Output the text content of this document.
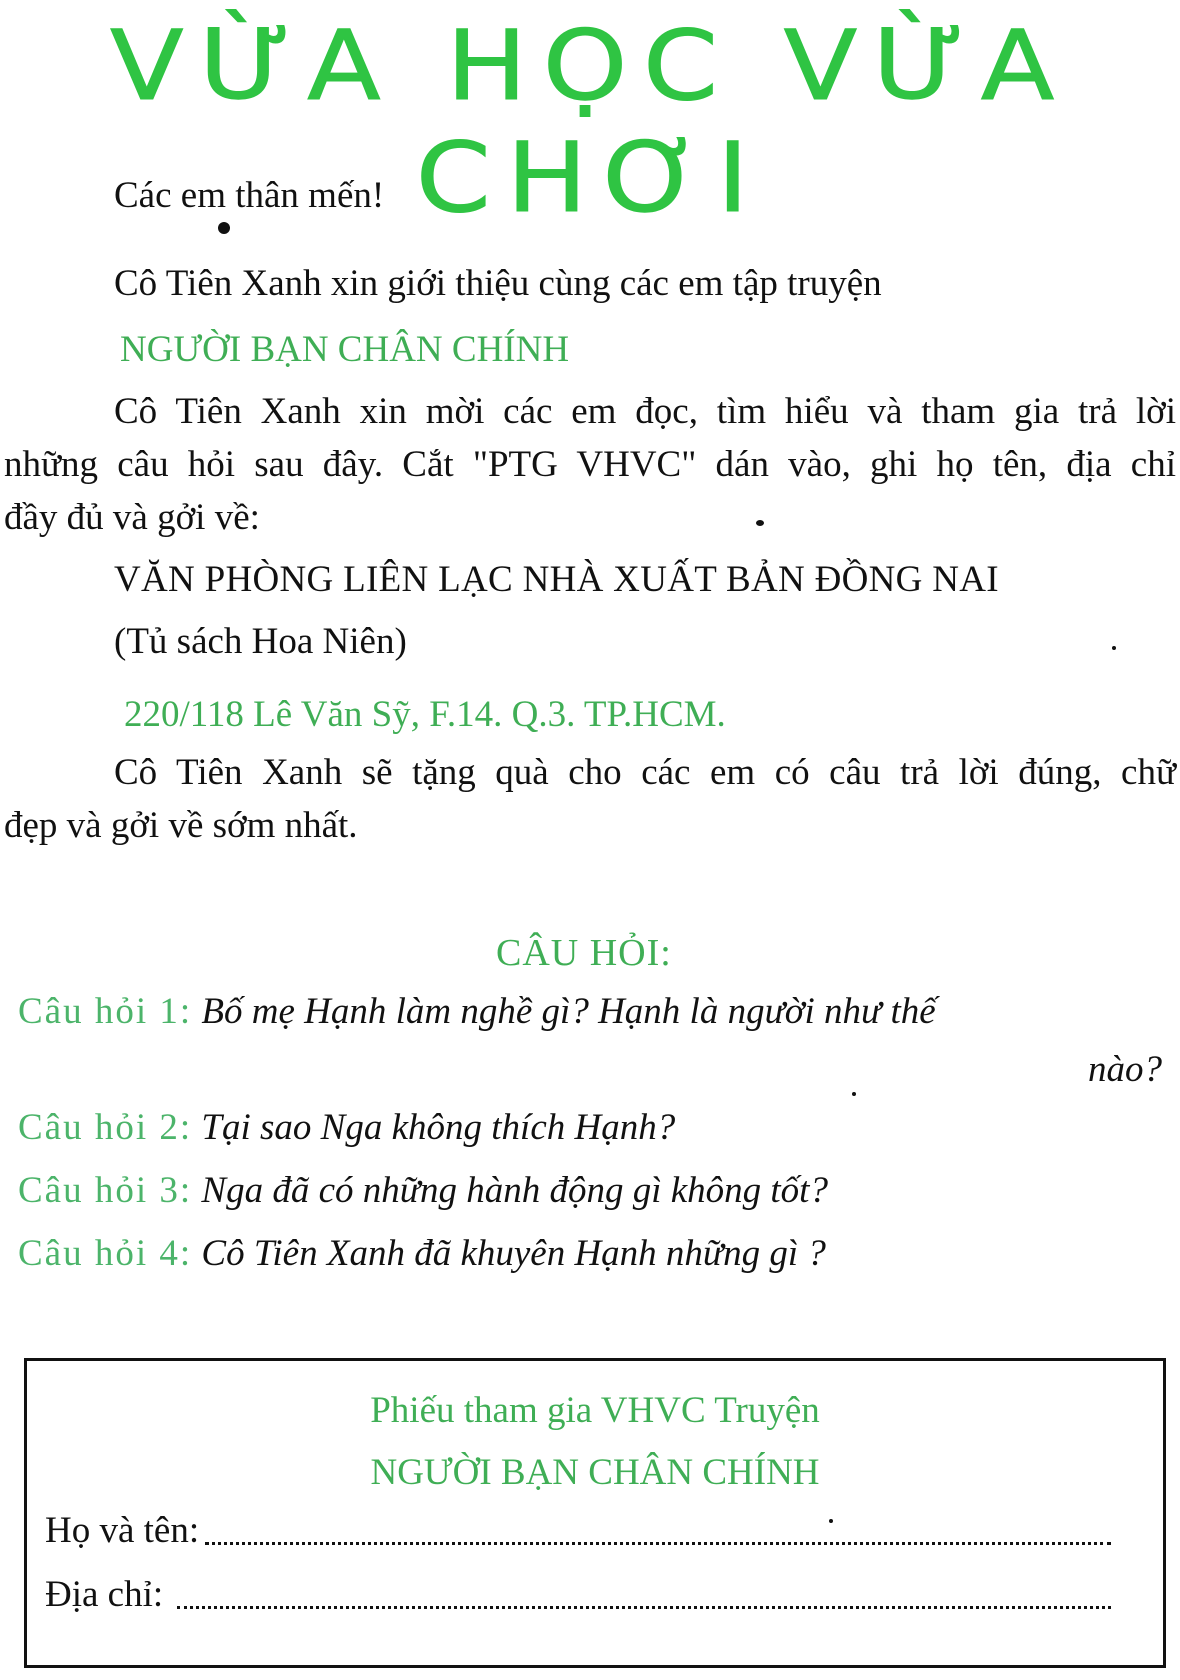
VỪA HỌC VỪA CHƠI
Các em thân mến!
Cô Tiên Xanh xin giới thiệu cùng các em tập truyện
NGƯỜI BẠN CHÂN CHÍNH
Cô Tiên Xanh xin mời các em đọc, tìm hiểu và tham gia trả lời
những câu hỏi sau đây. Cắt "PTG VHVC" dán vào, ghi họ tên, địa chỉ
đầy đủ và gởi về:
VĂN PHÒNG LIÊN LẠC NHÀ XUẤT BẢN ĐỒNG NAI
(Tủ sách Hoa Niên)
220/118 Lê Văn Sỹ, F.14. Q.3. TP.HCM.
Cô Tiên Xanh sẽ tặng quà cho các em có câu trả lời đúng, chữ
đẹp và gởi về sớm nhất.
CÂU HỎI:
Câu hỏi 1: Bố mẹ Hạnh làm nghề gì? Hạnh là người như thế
nào?
Câu hỏi 2: Tại sao Nga không thích Hạnh?
Câu hỏi 3: Nga đã có những hành động gì không tốt?
Câu hỏi 4: Cô Tiên Xanh đã khuyên Hạnh những gì ?
Phiếu tham gia VHVC Truyện
NGƯỜI BẠN CHÂN CHÍNH
Họ và tên:
Địa chỉ:
